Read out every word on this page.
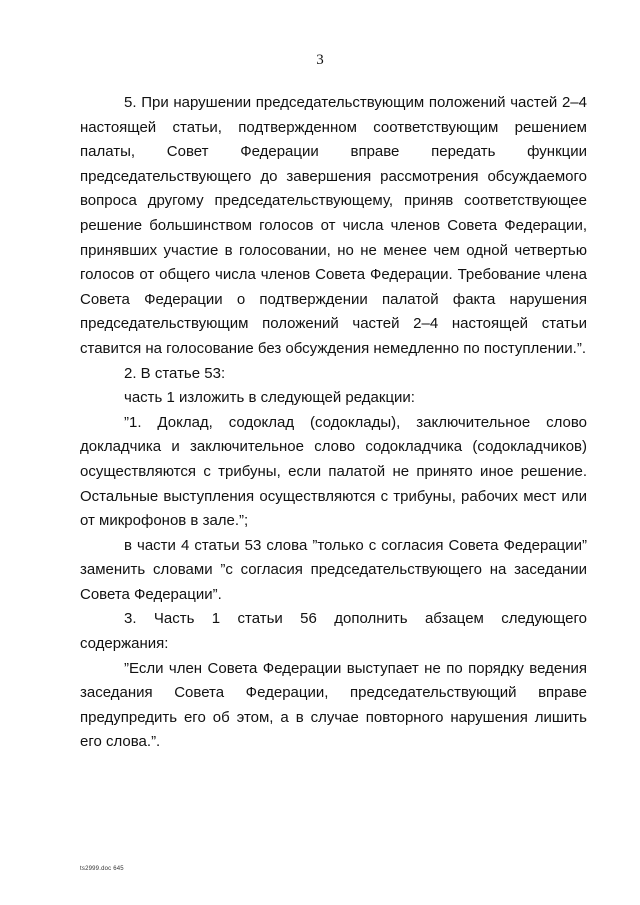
3

5. При нарушении председательствующим положений частей 2–4 настоящей статьи, подтвержденном соответствующим решением палаты, Совет Федерации вправе передать функции председательствующего до завершения рассмотрения обсуждаемого вопроса другому председательствующему, приняв соответствующее решение большинством голосов от числа членов Совета Федерации, принявших участие в голосовании, но не менее чем одной четвертью голосов от общего числа членов Совета Федерации. Требование члена Совета Федерации о подтверждении палатой факта нарушения председательствующим положений частей 2–4 настоящей статьи ставится на голосование без обсуждения немедленно по поступлении.”.

2. В статье 53:

часть 1 изложить в следующей редакции:

”1. Доклад, содоклад (содоклады), заключительное слово докладчика и заключительное слово содокладчика (содокладчиков) осуществляются с трибуны, если палатой не принято иное решение. Остальные выступления осуществляются с трибуны, рабочих мест или от микрофонов в зале.”;

в части 4 статьи 53 слова ”только с согласия Совета Федерации” заменить словами ”с согласия председательствующего на заседании Совета Федерации”.

3. Часть 1 статьи 56 дополнить абзацем следующего содержания:

”Если член Совета Федерации выступает не по порядку ведения заседания Совета Федерации, председательствующий вправе предупредить его об этом, а в случае повторного нарушения лишить его слова.”.

ts2999.doc 645
